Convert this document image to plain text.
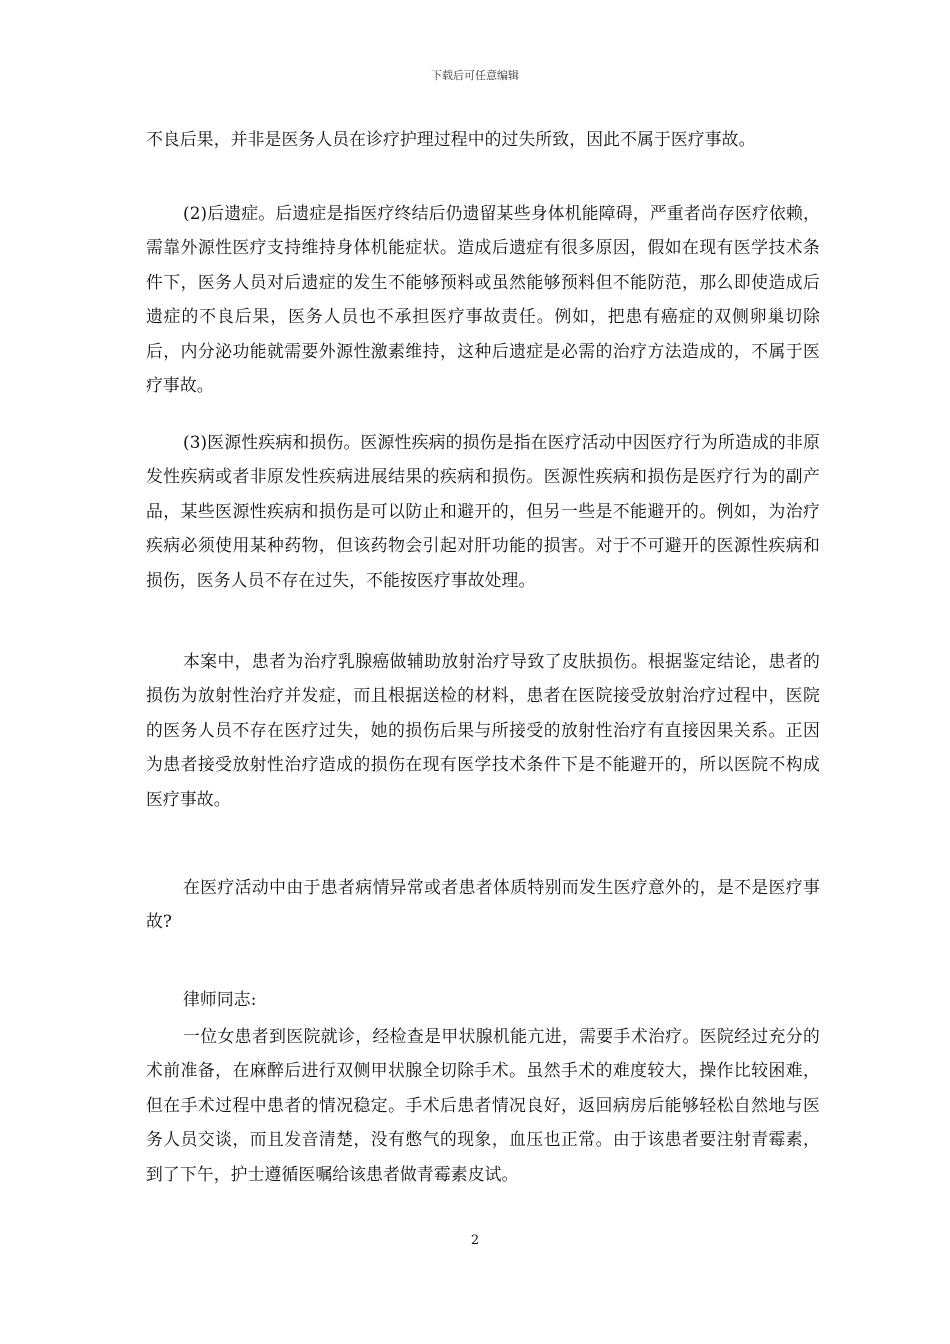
下载后可任意编辑

不良后果，并非是医务人员在诊疗护理过程中的过失所致，因此不属于医疗事故。

(2)后遗症。后遗症是指医疗终结后仍遗留某些身体机能障碍，严重者尚存医疗依赖，需靠外源性医疗支持维持身体机能症状。造成后遗症有很多原因，假如在现有医学技术条件下，医务人员对后遗症的发生不能够预料或虽然能够预料但不能防范，那么即使造成后遗症的不良后果，医务人员也不承担医疗事故责任。例如，把患有癌症的双侧卵巢切除后，内分泌功能就需要外源性激素维持，这种后遗症是必需的治疗方法造成的，不属于医疗事故。

(3)医源性疾病和损伤。医源性疾病的损伤是指在医疗活动中因医疗行为所造成的非原发性疾病或者非原发性疾病进展结果的疾病和损伤。医源性疾病和损伤是医疗行为的副产品，某些医源性疾病和损伤是可以防止和避开的，但另一些是不能避开的。例如，为治疗疾病必须使用某种药物，但该药物会引起对肝功能的损害。对于不可避开的医源性疾病和损伤，医务人员不存在过失，不能按医疗事故处理。

本案中，患者为治疗乳腺癌做辅助放射治疗导致了皮肤损伤。根据鉴定结论，患者的损伤为放射性治疗并发症，而且根据送检的材料，患者在医院接受放射治疗过程中，医院的医务人员不存在医疗过失，她的损伤后果与所接受的放射性治疗有直接因果关系。正因为患者接受放射性治疗造成的损伤在现有医学技术条件下是不能避开的，所以医院不构成医疗事故。

在医疗活动中由于患者病情异常或者患者体质特别而发生医疗意外的，是不是医疗事故?

律师同志:

一位女患者到医院就诊，经检查是甲状腺机能亢进，需要手术治疗。医院经过充分的术前准备，在麻醉后进行双侧甲状腺全切除手术。虽然手术的难度较大，操作比较困难，但在手术过程中患者的情况稳定。手术后患者情况良好，返回病房后能够轻松自然地与医务人员交谈，而且发音清楚，没有憋气的现象，血压也正常。由于该患者要注射青霉素，到了下午，护士遵循医嘱给该患者做青霉素皮试。

2
